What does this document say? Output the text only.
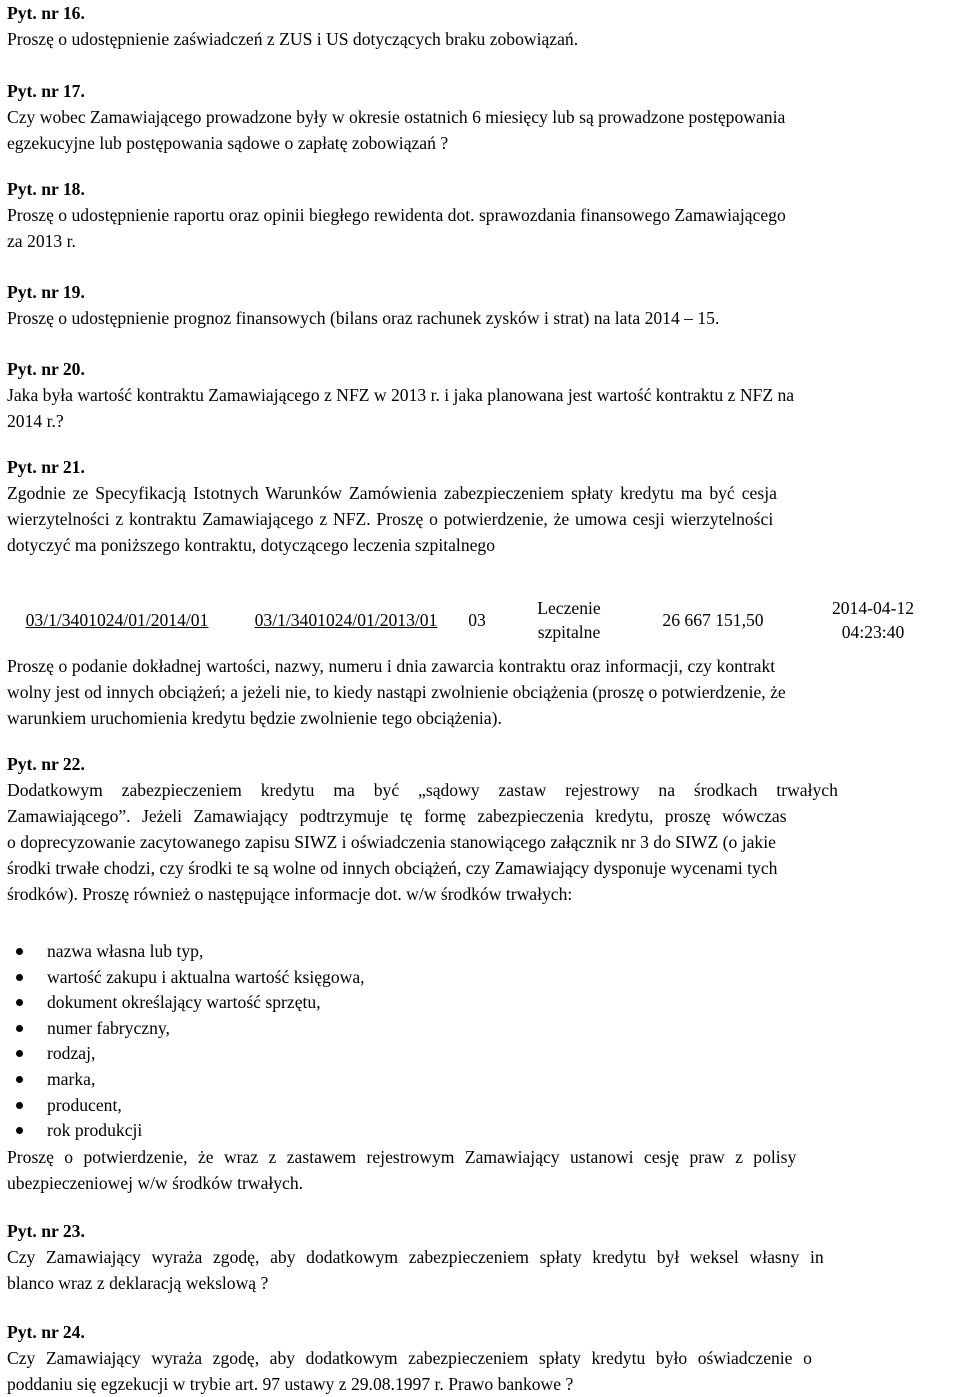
Pyt. nr 16.
Proszę o udostępnienie zaświadczeń z ZUS i US dotyczących braku zobowiązań.
Pyt. nr 17.
Czy wobec Zamawiającego prowadzone były w okresie ostatnich 6 miesięcy lub są prowadzone postępowania
egzekucyjne lub postępowania sądowe o zapłatę zobowiązań ?
Pyt. nr 18.
Proszę o udostępnienie raportu oraz opinii biegłego rewidenta dot. sprawozdania finansowego Zamawiającego
za 2013 r.
Pyt. nr 19.
Proszę o udostępnienie prognoz finansowych (bilans oraz rachunek zysków i strat) na lata 2014 – 15.
Pyt. nr 20.
Jaka była wartość kontraktu Zamawiającego z NFZ w 2013 r. i jaka planowana jest wartość kontraktu z NFZ na
2014 r.?
Pyt. nr 21.
Zgodnie ze Specyfikacją Istotnych Warunków Zamówienia zabezpieczeniem spłaty kredytu ma być cesja
wierzytelności z kontraktu Zamawiającego z NFZ. Proszę o potwierdzenie, że umowa cesji wierzytelności
dotyczyć ma poniższego kontraktu, dotyczącego leczenia szpitalnego
03/1/3401024/01/2014/01	03/1/3401024/01/2013/01 03
Leczenie
szpitalne
26 667 151,50
2014-04-12
04:23:40
Proszę o podanie dokładnej wartości, nazwy, numeru i dnia zawarcia kontraktu oraz informacji, czy kontrakt
wolny jest od innych obciążeń; a jeżeli nie, to kiedy nastąpi zwolnienie obciążenia (proszę o potwierdzenie, że
warunkiem uruchomienia kredytu będzie zwolnienie tego obciążenia).
Pyt. nr 22.
Dodatkowym zabezpieczeniem kredytu ma być „sądowy zastaw rejestrowy na środkach trwałych
Zamawiającego”. Jeżeli Zamawiający podtrzymuje tę formę zabezpieczenia kredytu, proszę wówczas
o doprecyzowanie zacytowanego zapisu SIWZ i oświadczenia stanowiącego załącznik nr 3 do SIWZ (o jakie
środki trwałe chodzi, czy środki te są wolne od innych obciążeń, czy Zamawiający dysponuje wycenami tych
środków). Proszę również o następujące informacje dot. w/w środków trwałych:
nazwa własna lub typ,
wartość zakupu i aktualna wartość księgowa,
dokument określający wartość sprzętu,
numer fabryczny,
rodzaj,
marka,
producent,
rok produkcji
Proszę o potwierdzenie, że wraz z zastawem rejestrowym Zamawiający ustanowi cesję praw z polisy
ubezpieczeniowej w/w środków trwałych.
Pyt. nr 23.
Czy Zamawiający wyraża zgodę, aby dodatkowym zabezpieczeniem spłaty kredytu był weksel własny in
blanco wraz z deklaracją wekslową ?
Pyt. nr 24.
Czy Zamawiający wyraża zgodę, aby dodatkowym zabezpieczeniem spłaty kredytu było oświadczenie o
poddaniu się egzekucji w trybie art. 97 ustawy z 29.08.1997 r. Prawo bankowe ?
